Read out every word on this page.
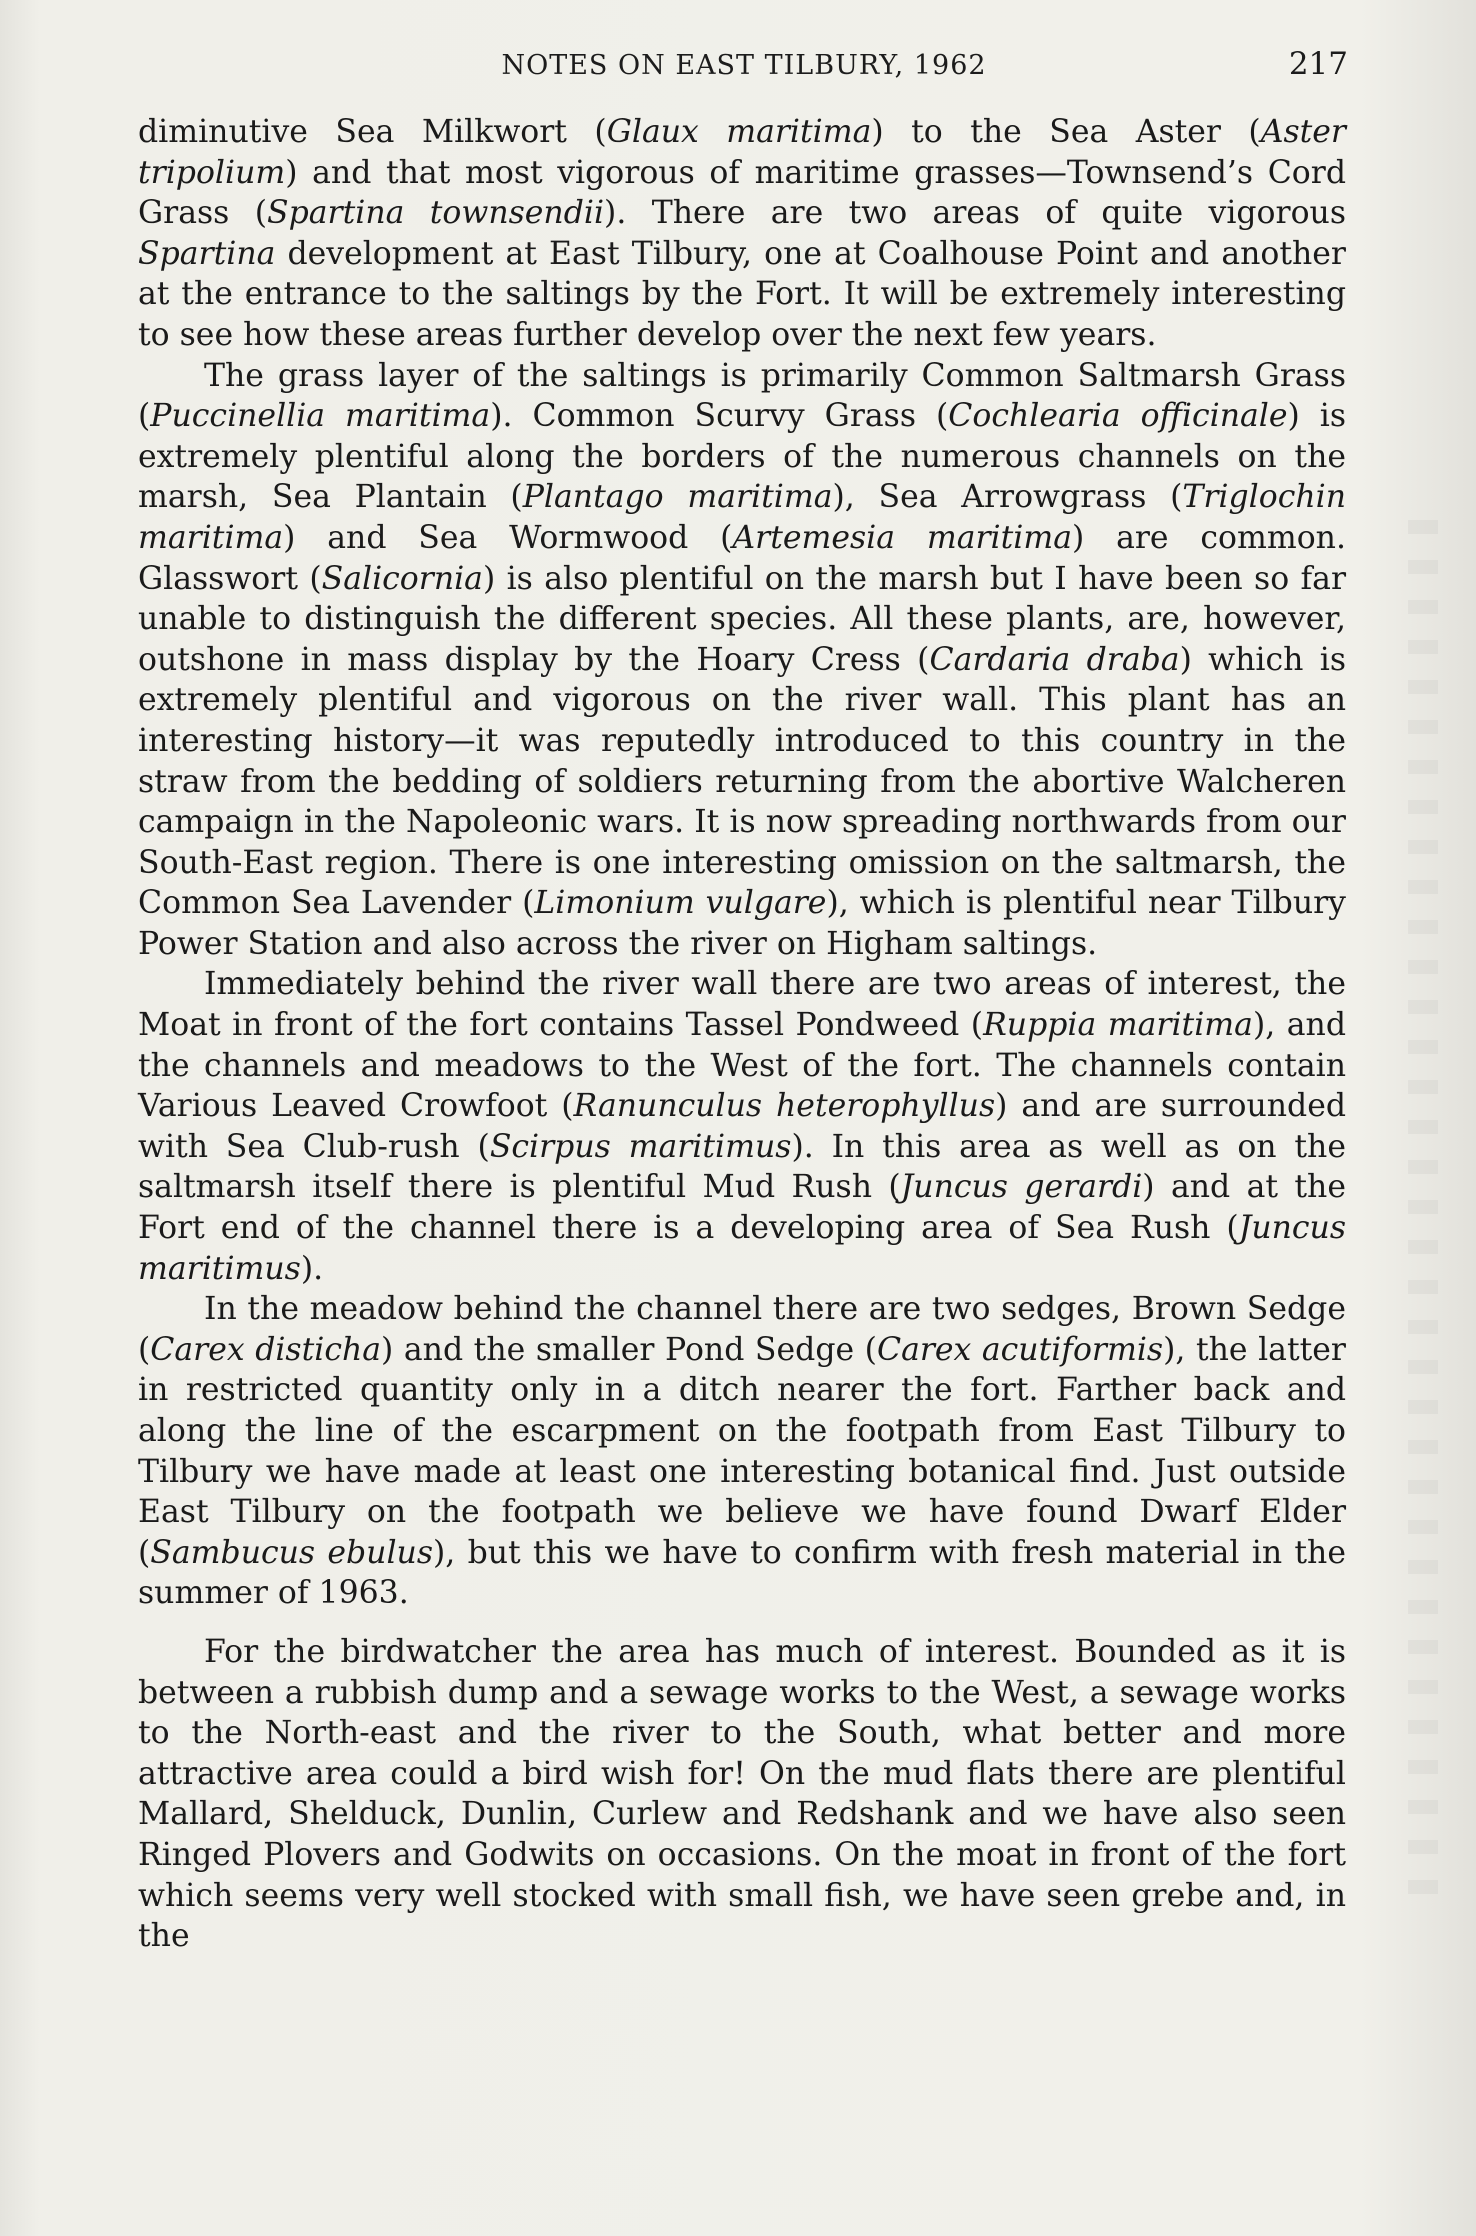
NOTES ON EAST TILBURY, 1962	217

diminutive Sea Milkwort (Glaux maritima) to the Sea Aster (Aster tripolium) and that most vigorous of maritime grasses—Townsend’s Cord Grass (Spartina townsendii). There are two areas of quite vigorous Spartina development at East Tilbury, one at Coalhouse Point and another at the entrance to the saltings by the Fort. It will be extremely interesting to see how these areas further develop over the next few years.

The grass layer of the saltings is primarily Common Saltmarsh Grass (Puccinellia maritima). Common Scurvy Grass (Cochlearia officinale) is extremely plentiful along the borders of the numerous channels on the marsh, Sea Plantain (Plantago maritima), Sea Arrowgrass (Triglochin maritima) and Sea Wormwood (Artemesia maritima) are common. Glasswort (Salicornia) is also plentiful on the marsh but I have been so far unable to distinguish the different species. All these plants, are, however, outshone in mass display by the Hoary Cress (Cardaria draba) which is extremely plentiful and vigorous on the river wall. This plant has an interesting history—it was reputedly introduced to this country in the straw from the bedding of soldiers returning from the abortive Walcheren campaign in the Napoleonic wars. It is now spreading northwards from our South-East region. There is one interesting omission on the saltmarsh, the Common Sea Lavender (Limonium vulgare), which is plentiful near Tilbury Power Station and also across the river on Higham saltings.

Immediately behind the river wall there are two areas of interest, the Moat in front of the fort contains Tassel Pondweed (Ruppia maritima), and the channels and meadows to the West of the fort. The channels contain Various Leaved Crowfoot (Ranunculus heterophyllus) and are surrounded with Sea Club-rush (Scirpus maritimus). In this area as well as on the saltmarsh itself there is plentiful Mud Rush (Juncus gerardi) and at the Fort end of the channel there is a developing area of Sea Rush (Juncus maritimus).

In the meadow behind the channel there are two sedges, Brown Sedge (Carex disticha) and the smaller Pond Sedge (Carex acutiformis), the latter in restricted quantity only in a ditch nearer the fort. Farther back and along the line of the escarpment on the footpath from East Tilbury to Tilbury we have made at least one interesting botanical find. Just outside East Tilbury on the footpath we believe we have found Dwarf Elder (Sambucus ebulus), but this we have to confirm with fresh material in the summer of 1963.

For the birdwatcher the area has much of interest. Bounded as it is between a rubbish dump and a sewage works to the West, a sewage works to the North-east and the river to the South, what better and more attractive area could a bird wish for! On the mud flats there are plentiful Mallard, Shelduck, Dunlin, Curlew and Redshank and we have also seen Ringed Plovers and Godwits on occasions. On the moat in front of the fort which seems very well stocked with small fish, we have seen grebe and, in the
